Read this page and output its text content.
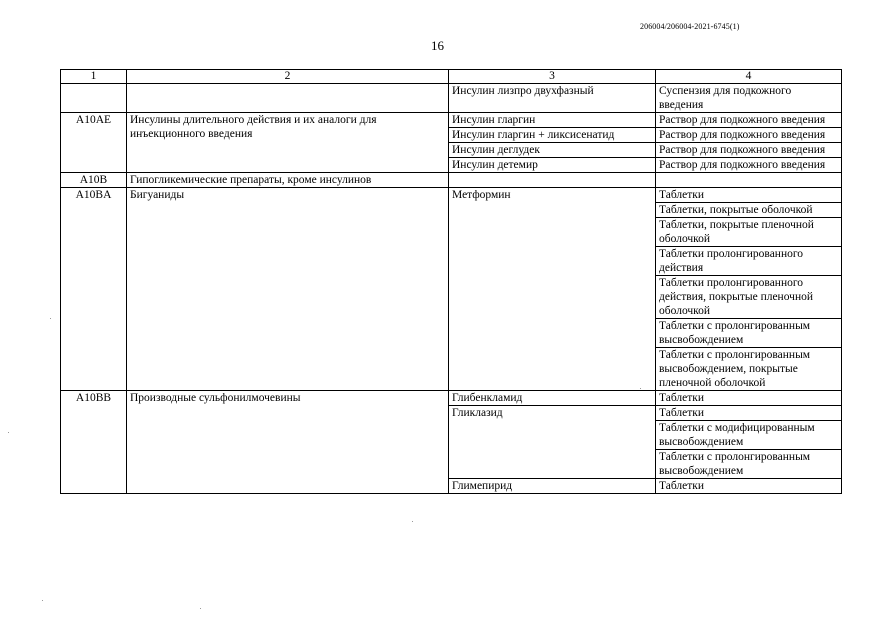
206004/206004-2021-6745(1)
16
1	2	3	4
		Инсулин лизпро двухфазный	Суспензия для подкожного введения
A10AE	Инсулины длительного действия и их аналоги для инъекционного введения	Инсулин гларгин	Раствор для подкожного введения
		Инсулин гларгин + ликсисенатид	Раствор для подкожного введения
		Инсулин деглудек	Раствор для подкожного введения
		Инсулин детемир	Раствор для подкожного введения
A10B	Гипогликемические препараты, кроме инсулинов		
A10BA	Бигуаниды	Метформин	Таблетки
			Таблетки, покрытые оболочкой
			Таблетки, покрытые пленочной оболочкой
			Таблетки пролонгированного действия
			Таблетки пролонгированного действия, покрытые пленочной оболочкой
			Таблетки с пролонгированным высвобождением
			Таблетки с пролонгированным высвобождением, покрытые пленочной оболочкой
A10BB	Производные сульфонилмочевины	Глибенкламид	Таблетки
		Гликлазид	Таблетки
			Таблетки с модифицированным высвобождением
			Таблетки с пролонгированным высвобождением
		Глимепирид	Таблетки
